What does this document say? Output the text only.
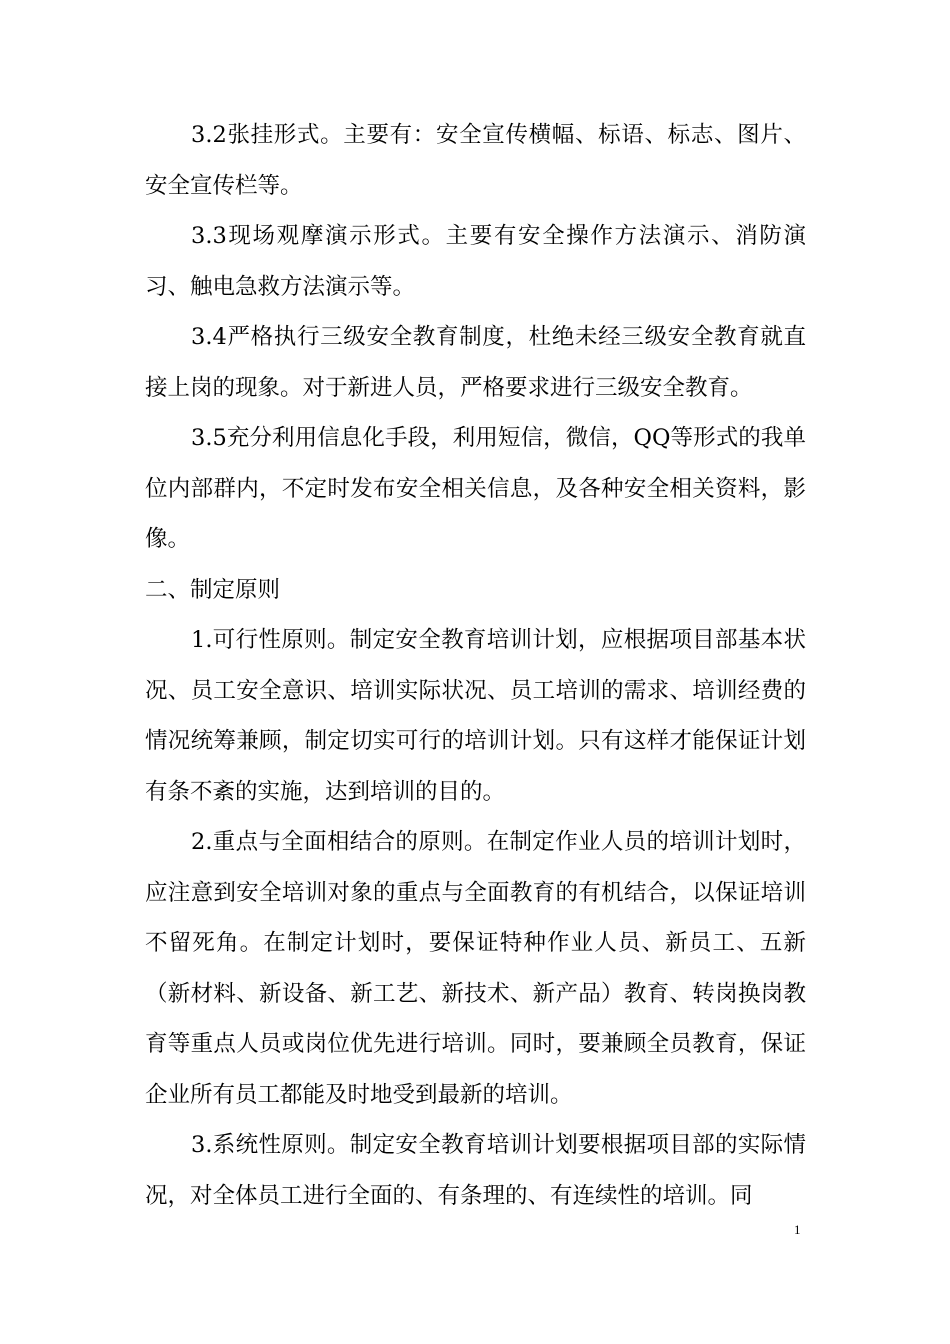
3.2张挂形式。主要有：安全宣传横幅、标语、标志、图片、安全宣传栏等。

3.3现场观摩演示形式。主要有安全操作方法演示、消防演习、触电急救方法演示等。

3.4严格执行三级安全教育制度，杜绝未经三级安全教育就直接上岗的现象。对于新进人员，严格要求进行三级安全教育。

3.5充分利用信息化手段，利用短信，微信，QQ等形式的我单位内部群内，不定时发布安全相关信息，及各种安全相关资料，影像。

二、制定原则

1.可行性原则。制定安全教育培训计划，应根据项目部基本状况、员工安全意识、培训实际状况、员工培训的需求、培训经费的情况统筹兼顾，制定切实可行的培训计划。只有这样才能保证计划有条不紊的实施，达到培训的目的。

2.重点与全面相结合的原则。在制定作业人员的培训计划时，应注意到安全培训对象的重点与全面教育的有机结合，以保证培训不留死角。在制定计划时，要保证特种作业人员、新员工、五新（新材料、新设备、新工艺、新技术、新产品）教育、转岗换岗教育等重点人员或岗位优先进行培训。同时，要兼顾全员教育，保证企业所有员工都能及时地受到最新的培训。

3.系统性原则。制定安全教育培训计划要根据项目部的实际情况，对全体员工进行全面的、有条理的、有连续性的培训。同

1
